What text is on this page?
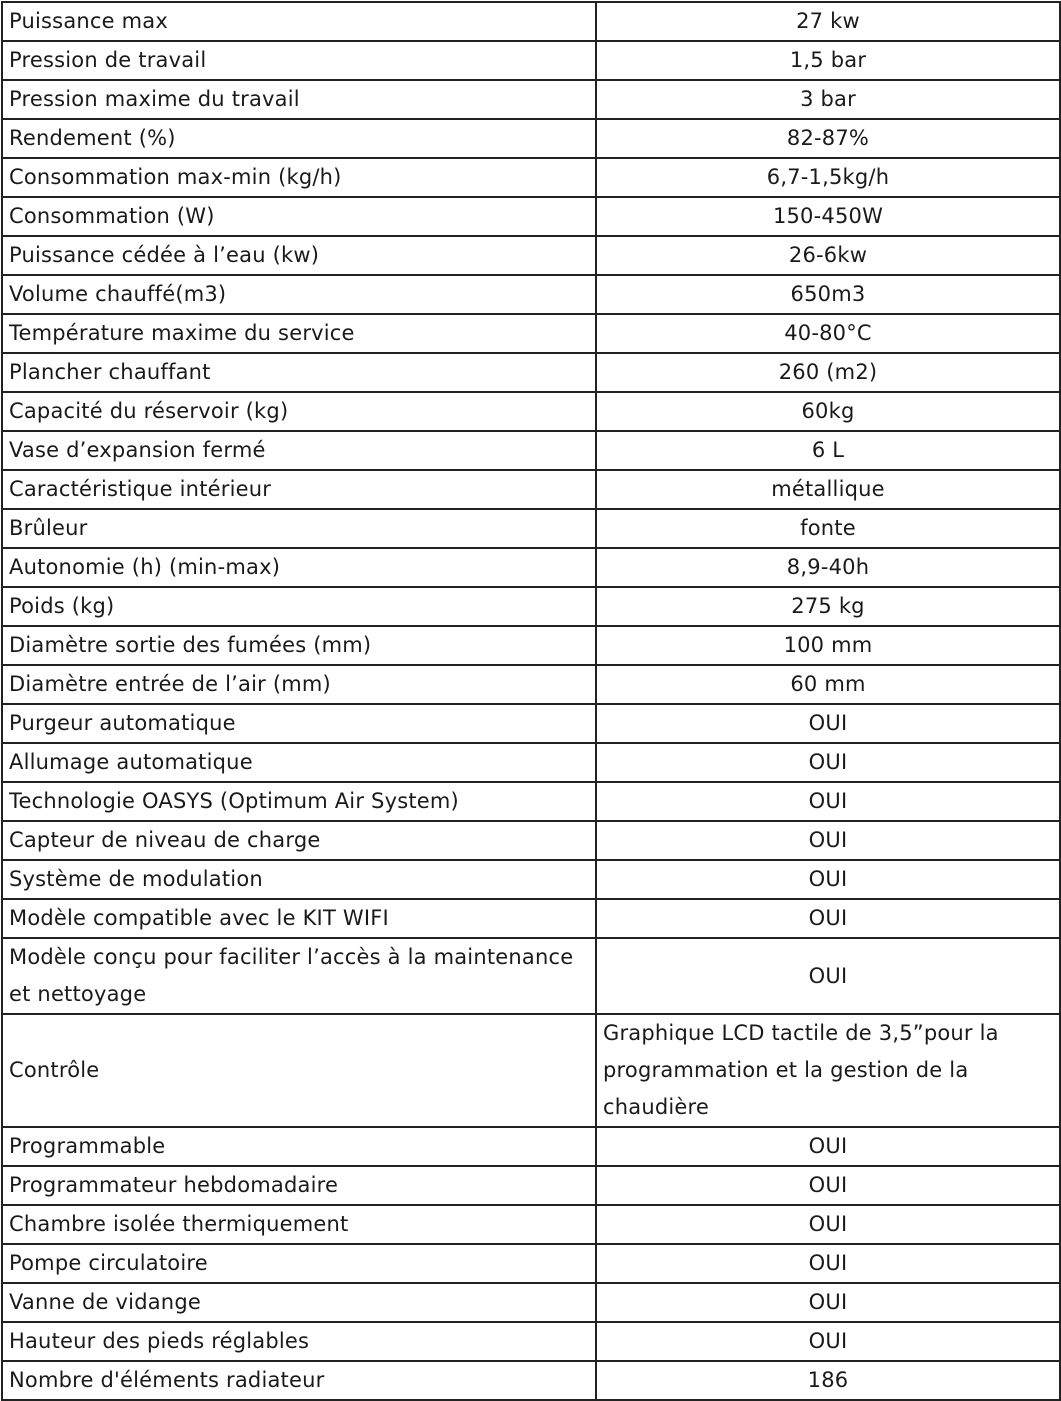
Puissance max	27 kw
Pression de travail	1,5 bar
Pression maxime du travail	3 bar
Rendement (%)	82-87%
Consommation max-min (kg/h)	6,7-1,5kg/h
Consommation (W)	150-450W
Puissance cédée à l’eau (kw)	26-6kw
Volume chauffé(m3)	650m3
Température maxime du service	40-80°C
Plancher chauffant	260 (m2)
Capacité du réservoir (kg)	60kg
Vase d’expansion fermé	6 L
Caractéristique intérieur	métallique
Brûleur	fonte
Autonomie (h) (min-max)	8,9-40h
Poids (kg)	275 kg
Diamètre sortie des fumées (mm)	100 mm
Diamètre entrée de l’air (mm)	60 mm
Purgeur automatique	OUI
Allumage automatique	OUI
Technologie OASYS (Optimum Air System)	OUI
Capteur de niveau de charge	OUI
Système de modulation	OUI
Modèle compatible avec le KIT WIFI	OUI
Modèle conçu pour faciliter l’accès à la maintenance et nettoyage	OUI
Contrôle	Graphique LCD tactile de 3,5”pour la programmation et la gestion de la chaudière
Programmable	OUI
Programmateur hebdomadaire	OUI
Chambre isolée thermiquement	OUI
Pompe circulatoire	OUI
Vanne de vidange	OUI
Hauteur des pieds réglables	OUI
Nombre d'éléments radiateur	186
